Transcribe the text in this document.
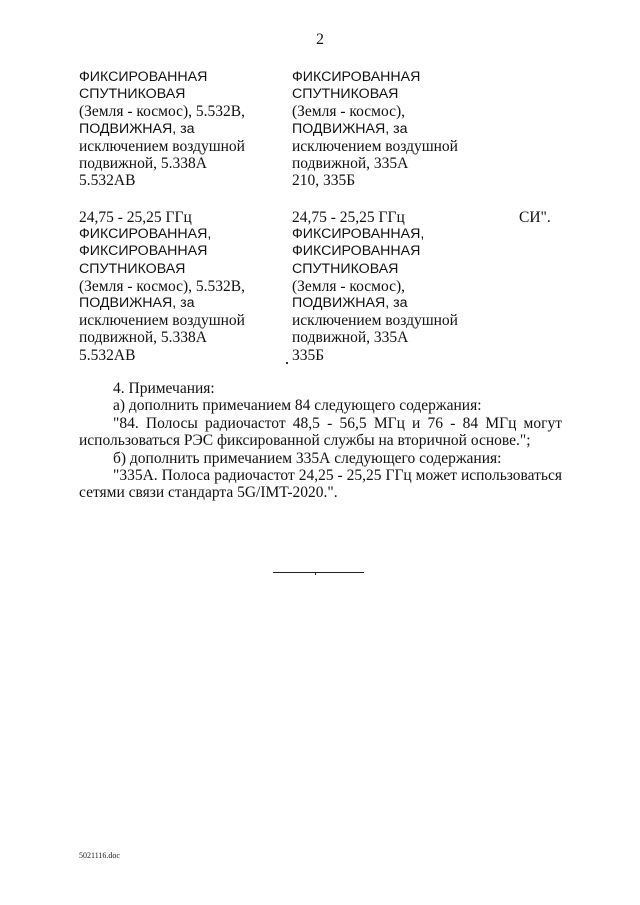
2
ФИКСИРОВАННАЯ
СПУТНИКОВАЯ
(Земля - космос), 5.532В,
ПОДВИЖНАЯ, за
исключением воздушной
подвижной, 5.338А
5.532АВ
ФИКСИРОВАННАЯ
СПУТНИКОВАЯ
(Земля - космос),
ПОДВИЖНАЯ, за
исключением воздушной
подвижной, 335А
210, 335Б
24,75 - 25,25 ГГц
ФИКСИРОВАННАЯ,
ФИКСИРОВАННАЯ
СПУТНИКОВАЯ
(Земля - космос), 5.532В,
ПОДВИЖНАЯ, за
исключением воздушной
подвижной, 5.338А
5.532АВ
24,75 - 25,25 ГГц
ФИКСИРОВАННАЯ,
ФИКСИРОВАННАЯ
СПУТНИКОВАЯ
(Земля - космос),
ПОДВИЖНАЯ, за
исключением воздушной
подвижной, 335А
335Б
СИ".

4. Примечания:

а) дополнить примечанием 84 следующего содержания:

"84. Полосы радиочастот 48,5 - 56,5 МГц и 76 - 84 МГц могут

использоваться РЭС фиксированной службы на вторичной основе.";

б) дополнить примечанием 335А следующего содержания:

"335А. Полоса радиочастот 24,25 - 25,25 ГГц может использоваться

сетями связи стандарта 5G/IMT-2020.".

5021116.doc
